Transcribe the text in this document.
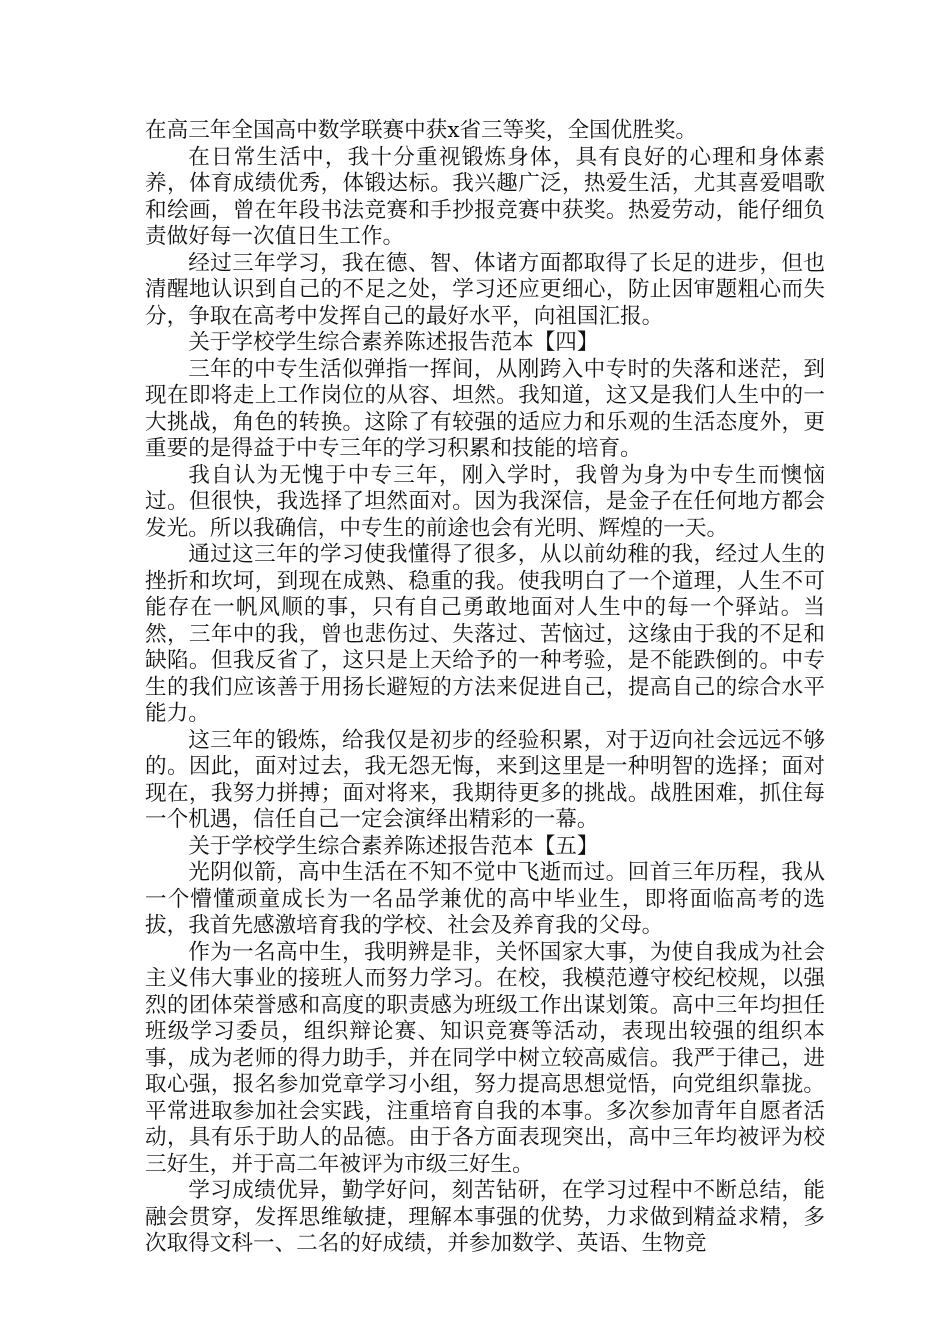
在高三年全国高中数学联赛中获x省三等奖，全国优胜奖。

在日常生活中，我十分重视锻炼身体，具有良好的心理和身体素养，体育成绩优秀，体锻达标。我兴趣广泛，热爱生活，尤其喜爱唱歌和绘画，曾在年段书法竞赛和手抄报竞赛中获奖。热爱劳动，能仔细负责做好每一次值日生工作。

经过三年学习，我在德、智、体诸方面都取得了长足的进步，但也清醒地认识到自己的不足之处，学习还应更细心，防止因审题粗心而失分，争取在高考中发挥自己的最好水平，向祖国汇报。

关于学校学生综合素养陈述报告范本【四】

三年的中专生活似弹指一挥间，从刚跨入中专时的失落和迷茫，到现在即将走上工作岗位的从容、坦然。我知道，这又是我们人生中的一大挑战，角色的转换。这除了有较强的适应力和乐观的生活态度外，更重要的是得益于中专三年的学习积累和技能的培育。

我自认为无愧于中专三年，刚入学时，我曾为身为中专生而懊恼过。但很快，我选择了坦然面对。因为我深信，是金子在任何地方都会发光。所以我确信，中专生的前途也会有光明、辉煌的一天。

通过这三年的学习使我懂得了很多，从以前幼稚的我，经过人生的挫折和坎坷，到现在成熟、稳重的我。使我明白了一个道理，人生不可能存在一帆风顺的事，只有自己勇敢地面对人生中的每一个驿站。当然，三年中的我，曾也悲伤过、失落过、苦恼过，这缘由于我的不足和缺陷。但我反省了，这只是上天给予的一种考验，是不能跌倒的。中专生的我们应该善于用扬长避短的方法来促进自己，提高自己的综合水平能力。

这三年的锻炼，给我仅是初步的经验积累，对于迈向社会远远不够的。因此，面对过去，我无怨无悔，来到这里是一种明智的选择；面对现在，我努力拼搏；面对将来，我期待更多的挑战。战胜困难，抓住每一个机遇，信任自己一定会演绎出精彩的一幕。

关于学校学生综合素养陈述报告范本【五】

光阴似箭，高中生活在不知不觉中飞逝而过。回首三年历程，我从一个懵懂顽童成长为一名品学兼优的高中毕业生，即将面临高考的选拔，我首先感激培育我的学校、社会及养育我的父母。

作为一名高中生，我明辨是非，关怀国家大事，为使自我成为社会主义伟大事业的接班人而努力学习。在校，我模范遵守校纪校规，以强烈的团体荣誉感和高度的职责感为班级工作出谋划策。高中三年均担任班级学习委员，组织辩论赛、知识竞赛等活动，表现出较强的组织本事，成为老师的得力助手，并在同学中树立较高威信。我严于律己，进取心强，报名参加党章学习小组，努力提高思想觉悟，向党组织靠拢。平常进取参加社会实践，注重培育自我的本事。多次参加青年自愿者活动，具有乐于助人的品德。由于各方面表现突出，高中三年均被评为校三好生，并于高二年被评为市级三好生。

学习成绩优异，勤学好问，刻苦钻研，在学习过程中不断总结，能融会贯穿，发挥思维敏捷，理解本事强的优势，力求做到精益求精，多次取得文科一、二名的好成绩，并参加数学、英语、生物竞
